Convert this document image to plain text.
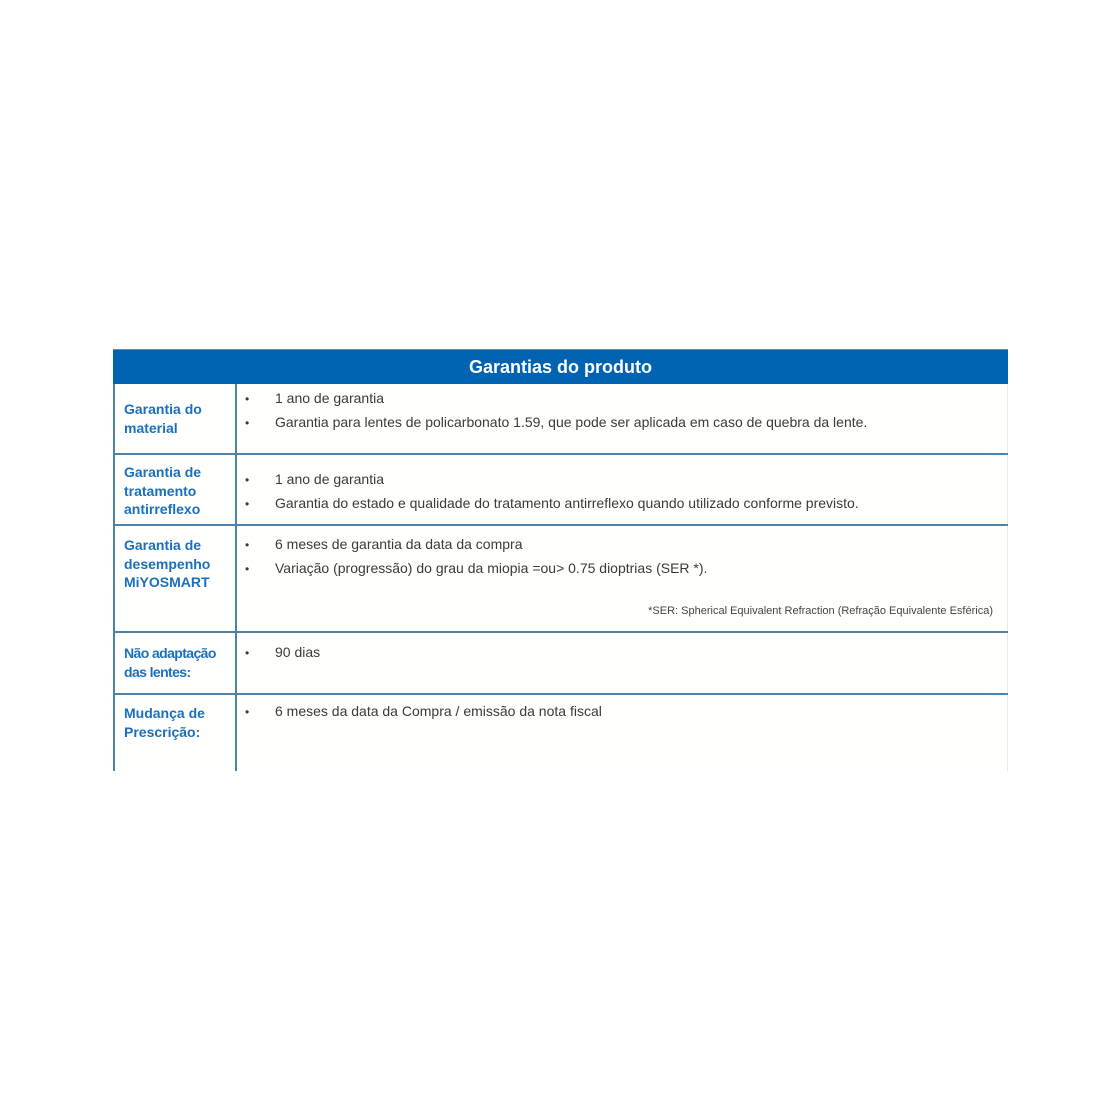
Garantias do produto
Garantia do material
•	1 ano de garantia
•	Garantia para lentes de policarbonato 1.59, que pode ser aplicada em caso de quebra da lente.
Garantia de tratamento antirreflexo
•	1 ano de garantia
•	Garantia do estado e qualidade do tratamento antirreflexo quando utilizado conforme previsto.
Garantia de desempenho MiYOSMART
•	6 meses de garantia da data da compra
•	Variação (progressão) do grau da miopia =ou> 0.75 dioptrias (SER *).
*SER: Spherical Equivalent Refraction (Refração Equivalente Esférica)
Não adaptação das lentes:
•	90 dias
Mudança de Prescrição:
•	6 meses da data da Compra / emissão da nota fiscal
